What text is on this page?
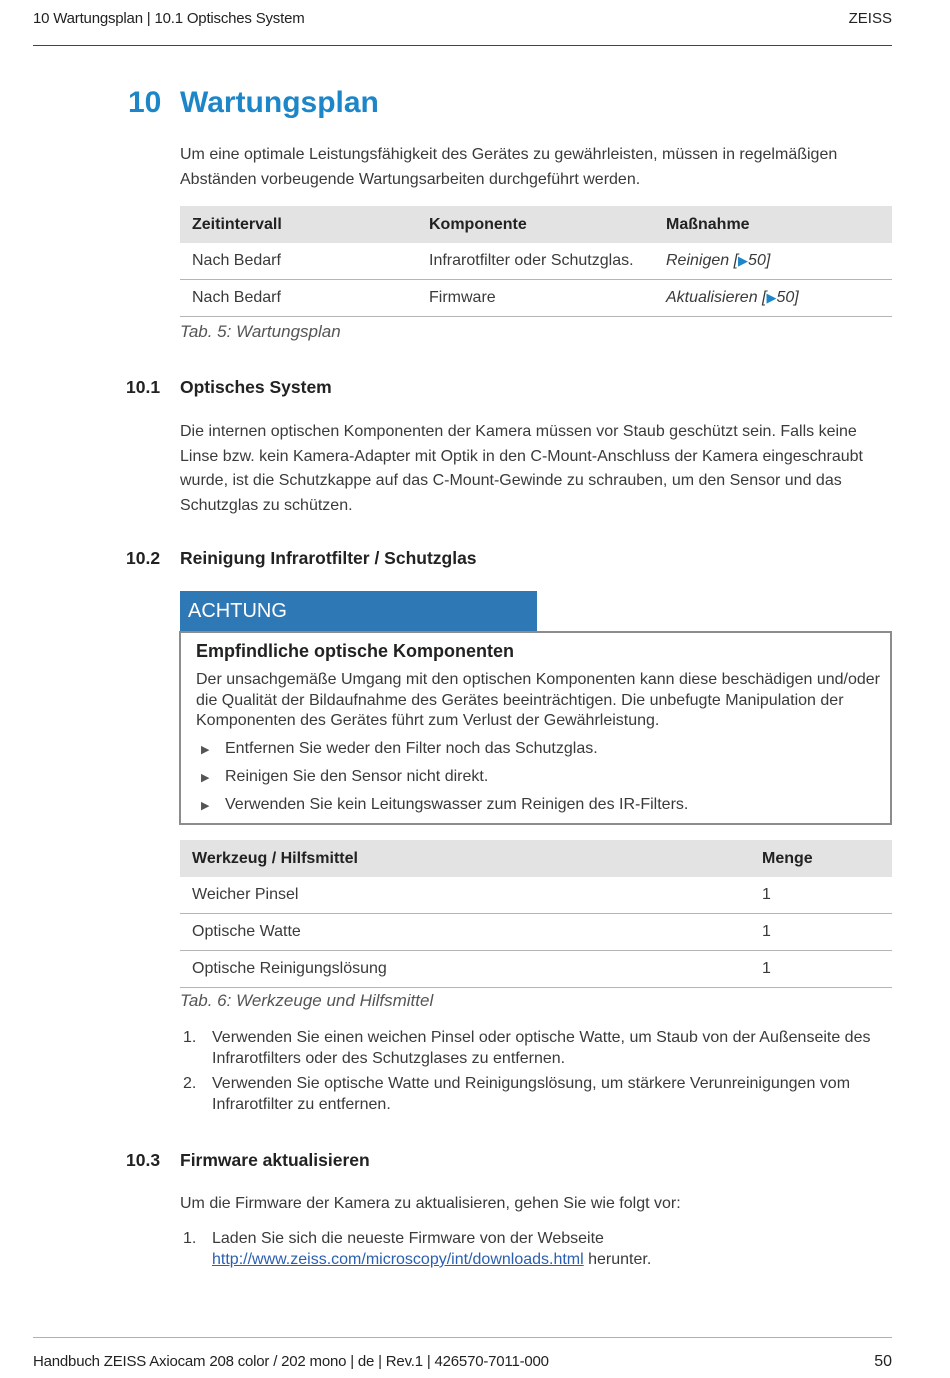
10 Wartungsplan | 10.1 Optisches System	ZEISS
10 Wartungsplan

Um eine optimale Leistungsfähigkeit des Gerätes zu gewährleisten, müssen in regelmäßigen Abständen vorbeugende Wartungsarbeiten durchgeführt werden.

Zeitintervall	Komponente	Maßnahme
Nach Bedarf	Infrarotfilter oder Schutzglas.	Reinigen [▶50]
Nach Bedarf	Firmware	Aktualisieren [▶50]
Tab. 5: Wartungsplan
10.1 Optisches System

Die internen optischen Komponenten der Kamera müssen vor Staub geschützt sein. Falls keine Linse bzw. kein Kamera-Adapter mit Optik in den C-Mount-Anschluss der Kamera eingeschraubt wurde, ist die Schutzkappe auf das C-Mount-Gewinde zu schrauben, um den Sensor und das Schutzglas zu schützen.

10.2 Reinigung Infrarotfilter / Schutzglas
ACHTUNG
Empfindliche optische Komponenten
Der unsachgemäße Umgang mit den optischen Komponenten kann diese beschädigen und/oder die Qualität der Bildaufnahme des Gerätes beeinträchtigen. Die unbefugte Manipulation der Komponenten des Gerätes führt zum Verlust der Gewährleistung.
▶ Entfernen Sie weder den Filter noch das Schutzglas.
▶ Reinigen Sie den Sensor nicht direkt.
▶ Verwenden Sie kein Leitungswasser zum Reinigen des IR-Filters.
Werkzeug / Hilfsmittel	Menge
Weicher Pinsel	1
Optische Watte	1
Optische Reinigungslösung	1
Tab. 6: Werkzeuge und Hilfsmittel
1. Verwenden Sie einen weichen Pinsel oder optische Watte, um Staub von der Außenseite des Infrarotfilters oder des Schutzglases zu entfernen.
2. Verwenden Sie optische Watte und Reinigungslösung, um stärkere Verunreinigungen vom Infrarotfilter zu entfernen.
10.3 Firmware aktualisieren

Um die Firmware der Kamera zu aktualisieren, gehen Sie wie folgt vor:

1. Laden Sie sich die neueste Firmware von der Webseite http://www.zeiss.com/microscopy/int/downloads.html herunter.
Handbuch ZEISS Axiocam 208 color / 202 mono | de | Rev.1 | 426570-7011-000	50
